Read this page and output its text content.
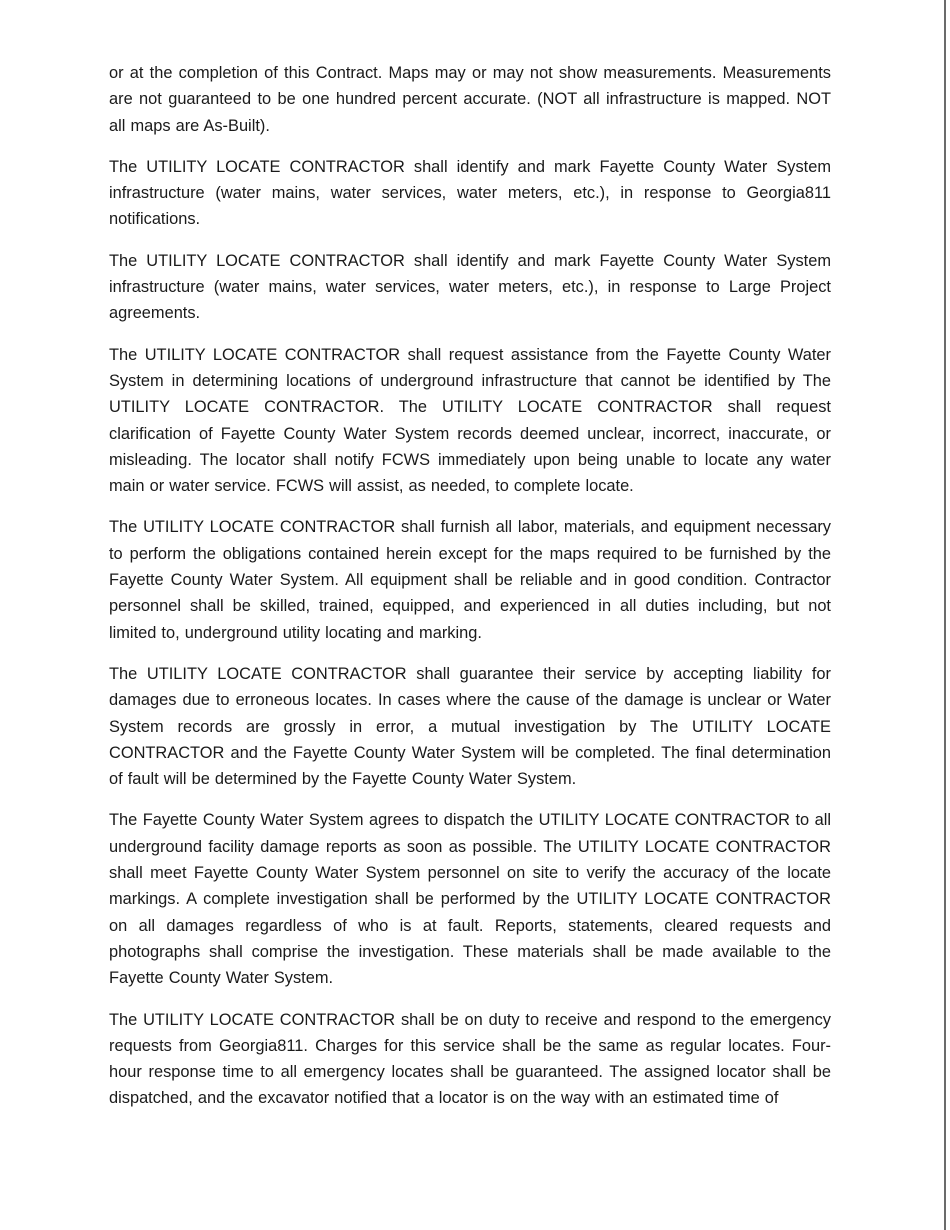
or at the completion of this Contract. Maps may or may not show measurements. Measurements are not guaranteed to be one hundred percent accurate. (NOT all infrastructure is mapped. NOT all maps are As-Built).

The UTILITY LOCATE CONTRACTOR shall identify and mark Fayette County Water System infrastructure (water mains, water services, water meters, etc.), in response to Georgia811 notifications.

The UTILITY LOCATE CONTRACTOR shall identify and mark Fayette County Water System infrastructure (water mains, water services, water meters, etc.), in response to Large Project agreements.

The UTILITY LOCATE CONTRACTOR shall request assistance from the Fayette County Water System in determining locations of underground infrastructure that cannot be identified by The UTILITY LOCATE CONTRACTOR. The UTILITY LOCATE CONTRACTOR shall request clarification of Fayette County Water System records deemed unclear, incorrect, inaccurate, or misleading. The locator shall notify FCWS immediately upon being unable to locate any water main or water service. FCWS will assist, as needed, to complete locate.

The UTILITY LOCATE CONTRACTOR shall furnish all labor, materials, and equipment necessary to perform the obligations contained herein except for the maps required to be furnished by the Fayette County Water System. All equipment shall be reliable and in good condition. Contractor personnel shall be skilled, trained, equipped, and experienced in all duties including, but not limited to, underground utility locating and marking.

The UTILITY LOCATE CONTRACTOR shall guarantee their service by accepting liability for damages due to erroneous locates. In cases where the cause of the damage is unclear or Water System records are grossly in error, a mutual investigation by The UTILITY LOCATE CONTRACTOR and the Fayette County Water System will be completed. The final determination of fault will be determined by the Fayette County Water System.

The Fayette County Water System agrees to dispatch the UTILITY LOCATE CONTRACTOR to all underground facility damage reports as soon as possible. The UTILITY LOCATE CONTRACTOR shall meet Fayette County Water System personnel on site to verify the accuracy of the locate markings. A complete investigation shall be performed by the UTILITY LOCATE CONTRACTOR on all damages regardless of who is at fault. Reports, statements, cleared requests and photographs shall comprise the investigation. These materials shall be made available to the Fayette County Water System.

The UTILITY LOCATE CONTRACTOR shall be on duty to receive and respond to the emergency requests from Georgia811. Charges for this service shall be the same as regular locates. Four-hour response time to all emergency locates shall be guaranteed. The assigned locator shall be dispatched, and the excavator notified that a locator is on the way with an estimated time of
